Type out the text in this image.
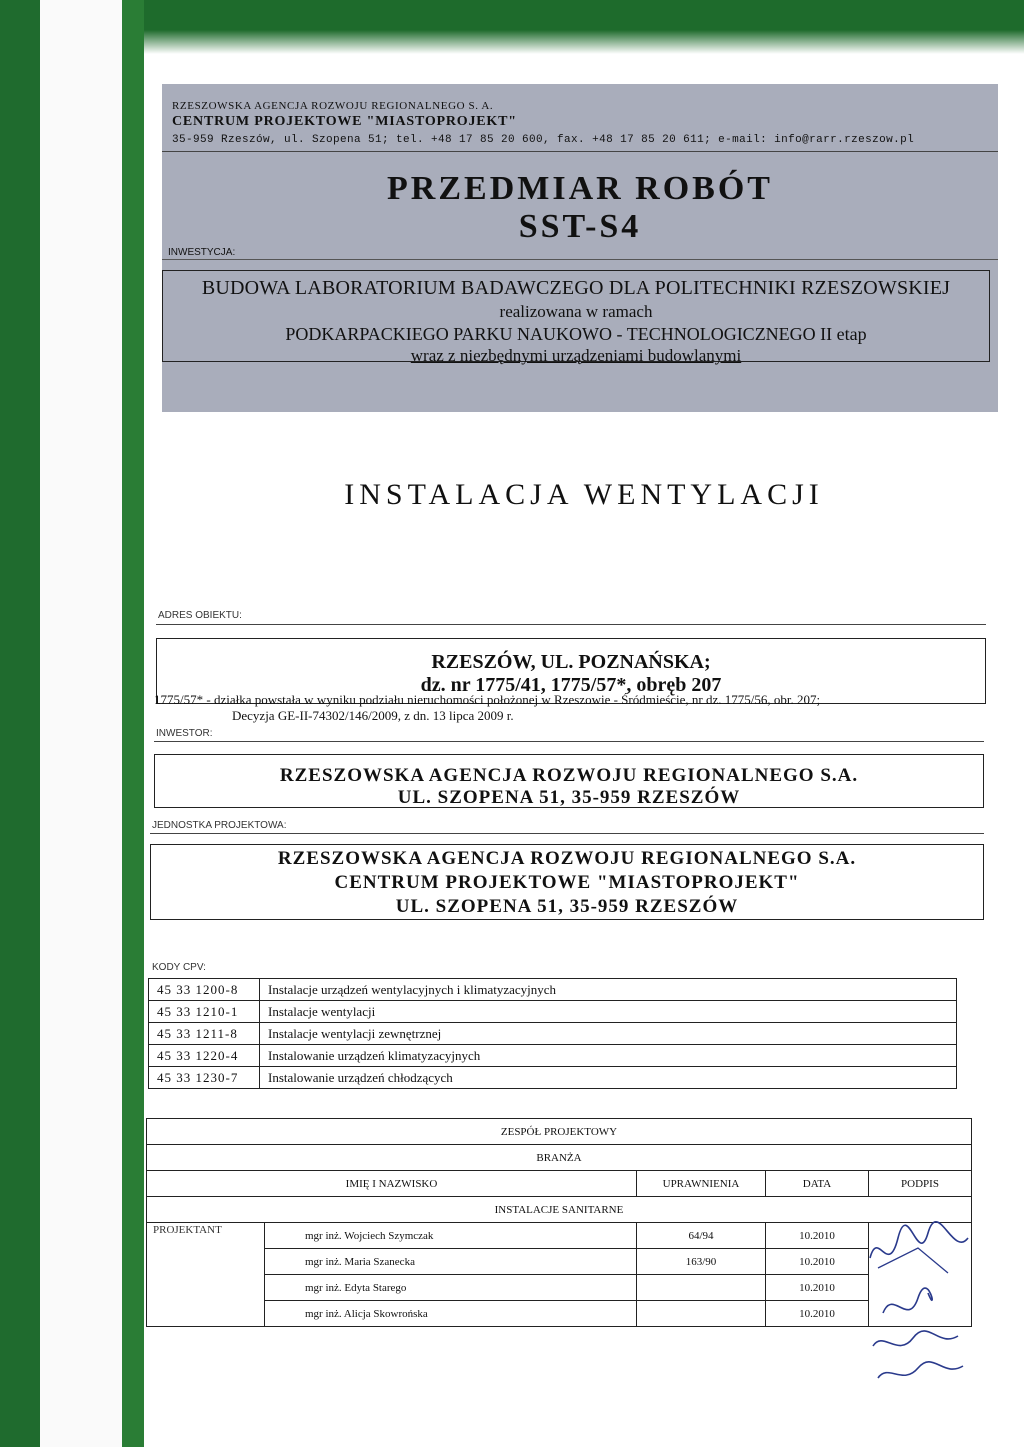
RZESZOWSKA AGENCJA ROZWOJU REGIONALNEGO S. A.
CENTRUM PROJEKTOWE "MIASTOPROJEKT"
35-959 Rzeszów, ul. Szopena 51; tel. +48 17 85 20 600, fax. +48 17 85 20 611; e-mail: info@rarr.rzeszow.pl
PRZEDMIAR ROBÓT
SST-S4
INWESTYCJA:
BUDOWA LABORATORIUM BADAWCZEGO DLA POLITECHNIKI RZESZOWSKIEJ
realizowana w ramach
PODKARPACKIEGO PARKU NAUKOWO - TECHNOLOGICZNEGO II etap
wraz z niezbędnymi urządzeniami budowlanymi
INSTALACJA WENTYLACJI
ADRES OBIEKTU:
RZESZÓW, UL. POZNAŃSKA;
dz. nr 1775/41, 1775/57*, obręb 207
1775/57* - działka powstała w wyniku podziału nieruchomości położonej w Rzeszowie - Śródmieście, nr dz. 1775/56, obr. 207;
Decyzja GE-II-74302/146/2009, z dn. 13 lipca 2009 r.
INWESTOR:
RZESZOWSKA AGENCJA ROZWOJU REGIONALNEGO S.A.
UL. SZOPENA 51, 35-959 RZESZÓW
JEDNOSTKA PROJEKTOWA:
RZESZOWSKA AGENCJA ROZWOJU REGIONALNEGO S.A.
CENTRUM PROJEKTOWE "MIASTOPROJEKT"
UL. SZOPENA 51, 35-959 RZESZÓW
KODY CPV:
45 33 1200-8	Instalacje urządzeń wentylacyjnych i klimatyzacyjnych
45 33 1210-1	Instalacje wentylacji
45 33 1211-8	Instalacje wentylacji zewnętrznej
45 33 1220-4	Instalowanie urządzeń klimatyzacyjnych
45 33 1230-7	Instalowanie urządzeń chłodzących
ZESPÓŁ PROJEKTOWY				
BRANŻA				
IMIĘ I NAZWISKO		UPRAWNIENIA	DATA	PODPIS
INSTALACJE SANITARNE				
PROJEKTANT	mgr inż. Wojciech Szymczak	64/94	10.2010	
	mgr inż. Maria Szanecka	163/90	10.2010	
	mgr inż. Edyta Starego		10.2010	
	mgr inż. Alicja Skowrońska		10.2010	
